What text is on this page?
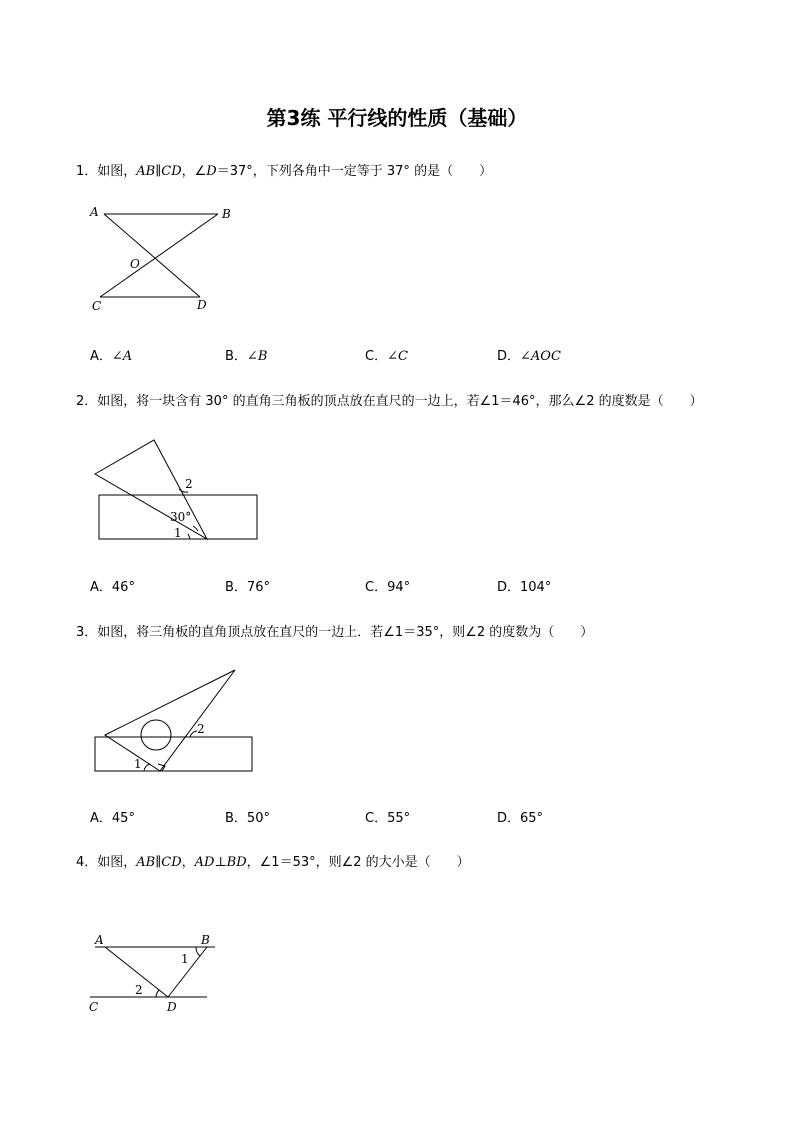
第3练 平行线的性质（基础）
1．如图，AB∥CD，∠D＝37°，下列各角中一定等于 37° 的是（　　）
A	B
O
C	D
A．∠A	B．∠B	C．∠C	D．∠AOC
2．如图，将一块含有 30° 的直角三角板的顶点放在直尺的一边上，若∠1＝46°，那么∠2 的度数是（　　）
2
30°
1
A．46°	B．76°	C．94°	D．104°
3．如图，将三角板的直角顶点放在直尺的一边上．若∠1＝35°，则∠2 的度数为（　　）
2
1
A．45°	B．50°	C．55°	D．65°
4．如图，AB∥CD，AD⊥BD，∠1＝53°，则∠2 的大小是（　　）
A	B
1
2
C	D
